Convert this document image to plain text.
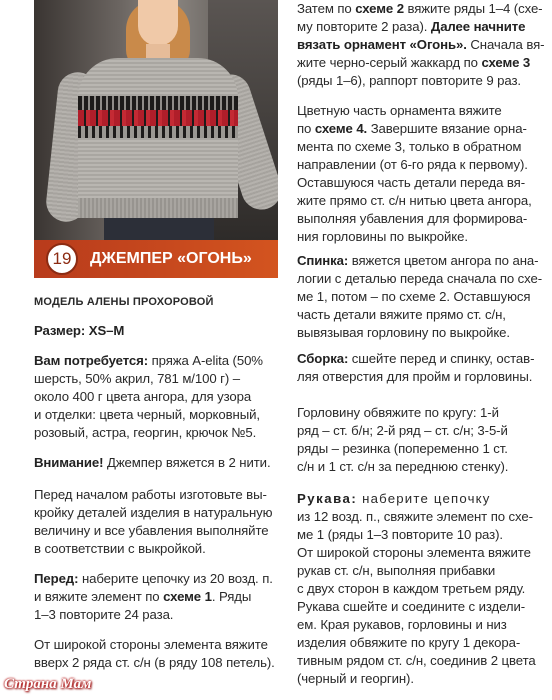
19	ДЖЕМПЕР «ОГОНЬ»
МОДЕЛЬ АЛЕНЫ ПРОХОРОВОЙ
Размер: XS–M
Вам потребуется: пряжа A-elita (50%
шерсть, 50% акрил, 781 м/100 г) –
около 400 г цвета ангора, для узора
и отделки: цвета черный, морковный,
розовый, астра, георгин, крючок №5.
Внимание! Джемпер вяжется в 2 нити.
Перед началом работы изготовьте вы-
кройку деталей изделия в натуральную
величину и все убавления выполняйте
в соответствии с выкройкой.
Перед: наберите цепочку из 20 возд. п.
и вяжите элемент по схеме 1. Ряды
1–3 повторите 24 раза.
От широкой стороны элемента вяжите
вверх 2 ряда ст. с/н (в ряду 108 петель).
Затем по схеме 2 вяжите ряды 1–4 (схе-
му повторите 2 раза). Далее начните
вязать орнамент «Огонь». Сначала вя-
жите черно-серый жаккард по схеме 3
(ряды 1–6), раппорт повторите 9 раз.
Цветную часть орнамента вяжите
по схеме 4. Завершите вязание орна-
мента по схеме 3, только в обратном
направлении (от 6-го ряда к первому).
Оставшуюся часть детали переда вя-
жите прямо ст. с/н нитью цвета ангора,
выполняя убавления для формирова-
ния горловины по выкройке.
Спинка: вяжется цветом ангора по ана-
логии с деталью переда сначала по схе-
ме 1, потом – по схеме 2. Оставшуюся
часть детали вяжите прямо ст. с/н,
вывязывая горловину по выкройке.
Сборка: сшейте перед и спинку, остав-
ляя отверстия для пройм и горловины.
Горловину обвяжите по кругу: 1-й
ряд – ст. б/н; 2-й ряд – ст. с/н; 3-5-й
ряды – резинка (попеременно 1 ст.
с/н и 1 ст. с/н за переднюю стенку).
Рукава: наберите цепочку
из 12 возд. п., свяжите элемент по схе-
ме 1 (ряды 1–3 повторите 10 раз).
От широкой стороны элемента вяжите
рукав ст. с/н, выполняя прибавки
с двух сторон в каждом третьем ряду.
Рукава сшейте и соедините с издели-
ем. Края рукавов, горловины и низ
изделия обвяжите по кругу 1 декора-
тивным рядом ст. с/н, соединив 2 цвета
(черный и георгин).
Страна Мам
